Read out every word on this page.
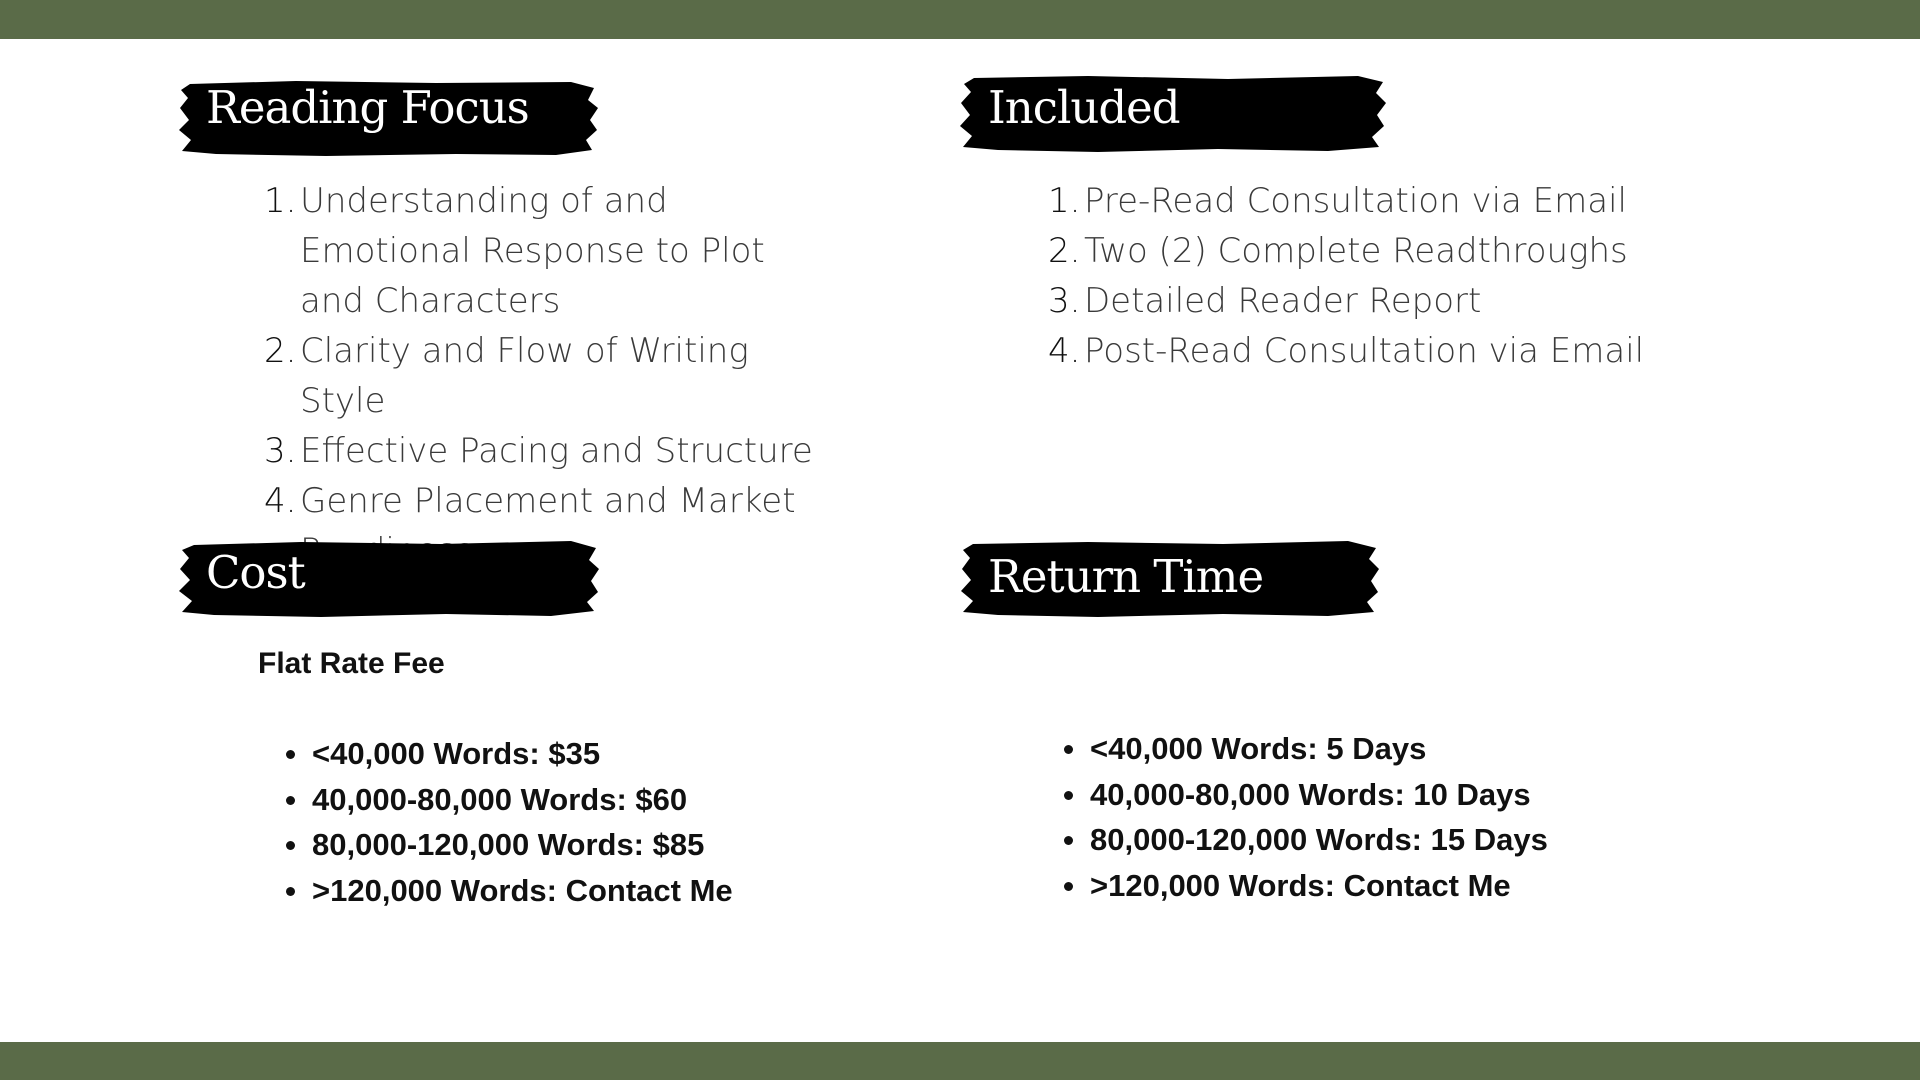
Reading Focus
1. Understanding of and Emotional Response to Plot and Characters
2. Clarity and Flow of Writing Style
3. Effective Pacing and Structure
4. Genre Placement and Market
Included
1. Pre-Read Consultation via Email
2. Two (2) Complete Readthroughs
3. Detailed Reader Report
4. Post-Read Consultation via Email
Cost
Flat Rate Fee
<40,000 Words: $35
40,000-80,000 Words: $60
80,000-120,000 Words: $85
>120,000 Words: Contact Me
Return Time
<40,000 Words: 5 Days
40,000-80,000 Words: 10 Days
80,000-120,000 Words: 15 Days
>120,000 Words: Contact Me
